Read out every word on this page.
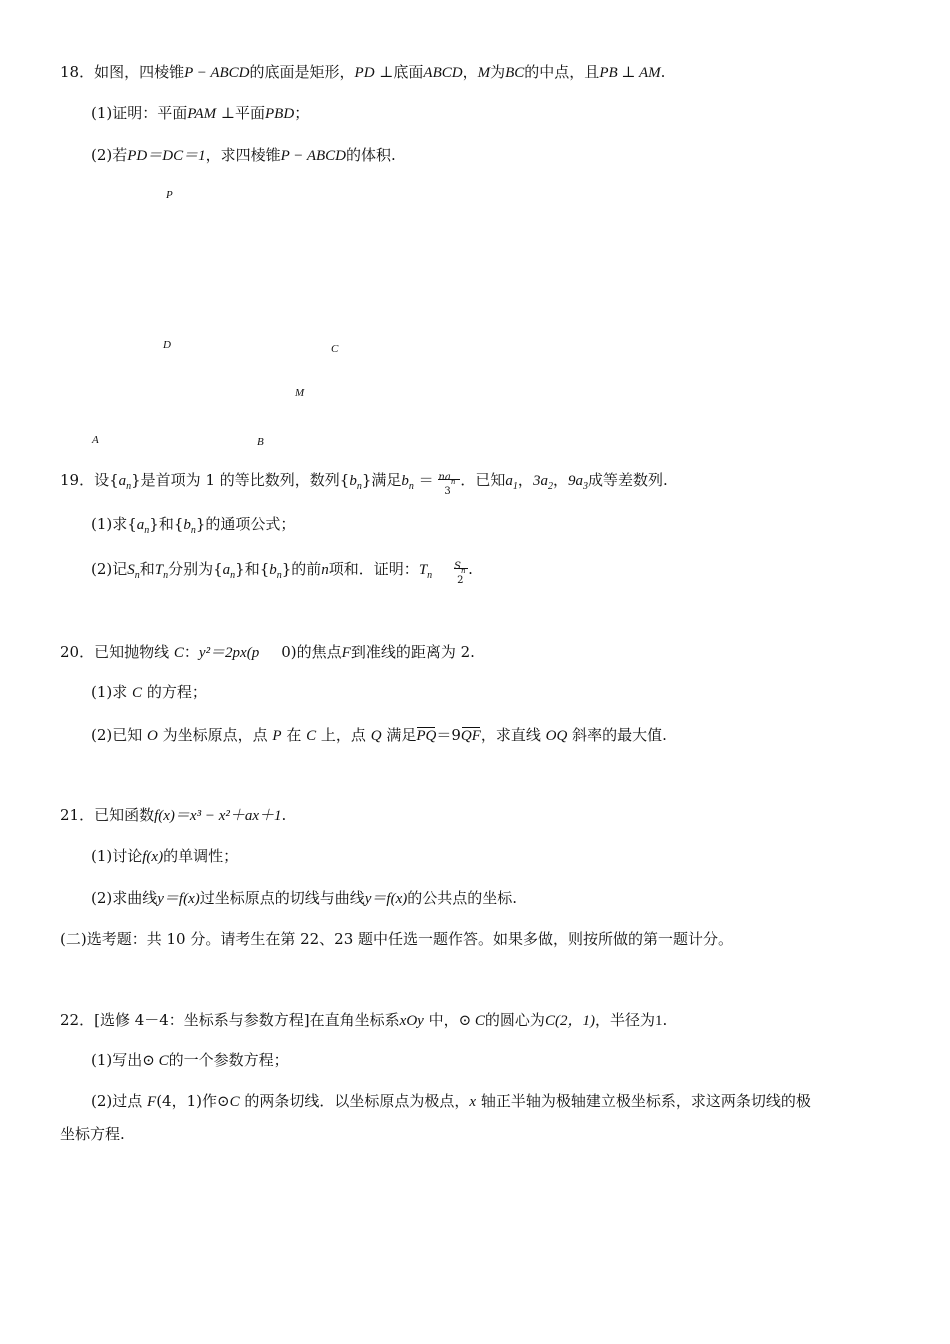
18．如图，四棱锥P − ABCD的底面是矩形，PD ⊥底面ABCD，M为BC的中点，且PB ⊥ AM.
(1)证明：平面PAM ⊥平面PBD；
(2)若PD＝DC＝1，求四棱锥P − ABCD的体积.
P
D	C
M
A	B
19．设$\{a_n\}$是首项为 1 的等比数列，数列$\{b_n\}$满足$b_n = na_n$
3
．已知$a_1$，$3a_2$，$9a_3$成等差数列.
(1)求$\{a_n\}$和$\{b_n\}$的通项公式；
(2)记$S_n$和$T_n$分别为$\{a_n\}$和$\{b_n\}$的前n项和．证明：$T_n$
$S_n$
2
.
20．已知抛物线 C：y²＝2px(p 0)的焦点F到准线的距离为 2.
(1)求 C 的方程；
(2)已知 O 为坐标原点，点 P 在 C 上，点 Q 满足PQ＝9QF，求直线 OQ 斜率的最大值.
21．已知函数f(x)＝x³ − x²＋ax＋1.
(1)讨论f(x)的单调性；
(2)求曲线y＝f(x)过坐标原点的切线与曲线y＝f(x)的公共点的坐标.
(二)选考题：共 10 分。请考生在第 22、23 题中任选一题作答。如果多做，则按所做的第一题计分。
22．[选修 4－4：坐标系与参数方程]在直角坐标系xOy 中，⊙ C的圆心为C(2，1)，半径为1.
(1)写出⊙ C的一个参数方程；
(2)过点 F(4，1)作⊙C 的两条切线．以坐标原点为极点，x 轴正半轴为极轴建立极坐标系，求这两条切线的极
坐标方程.
